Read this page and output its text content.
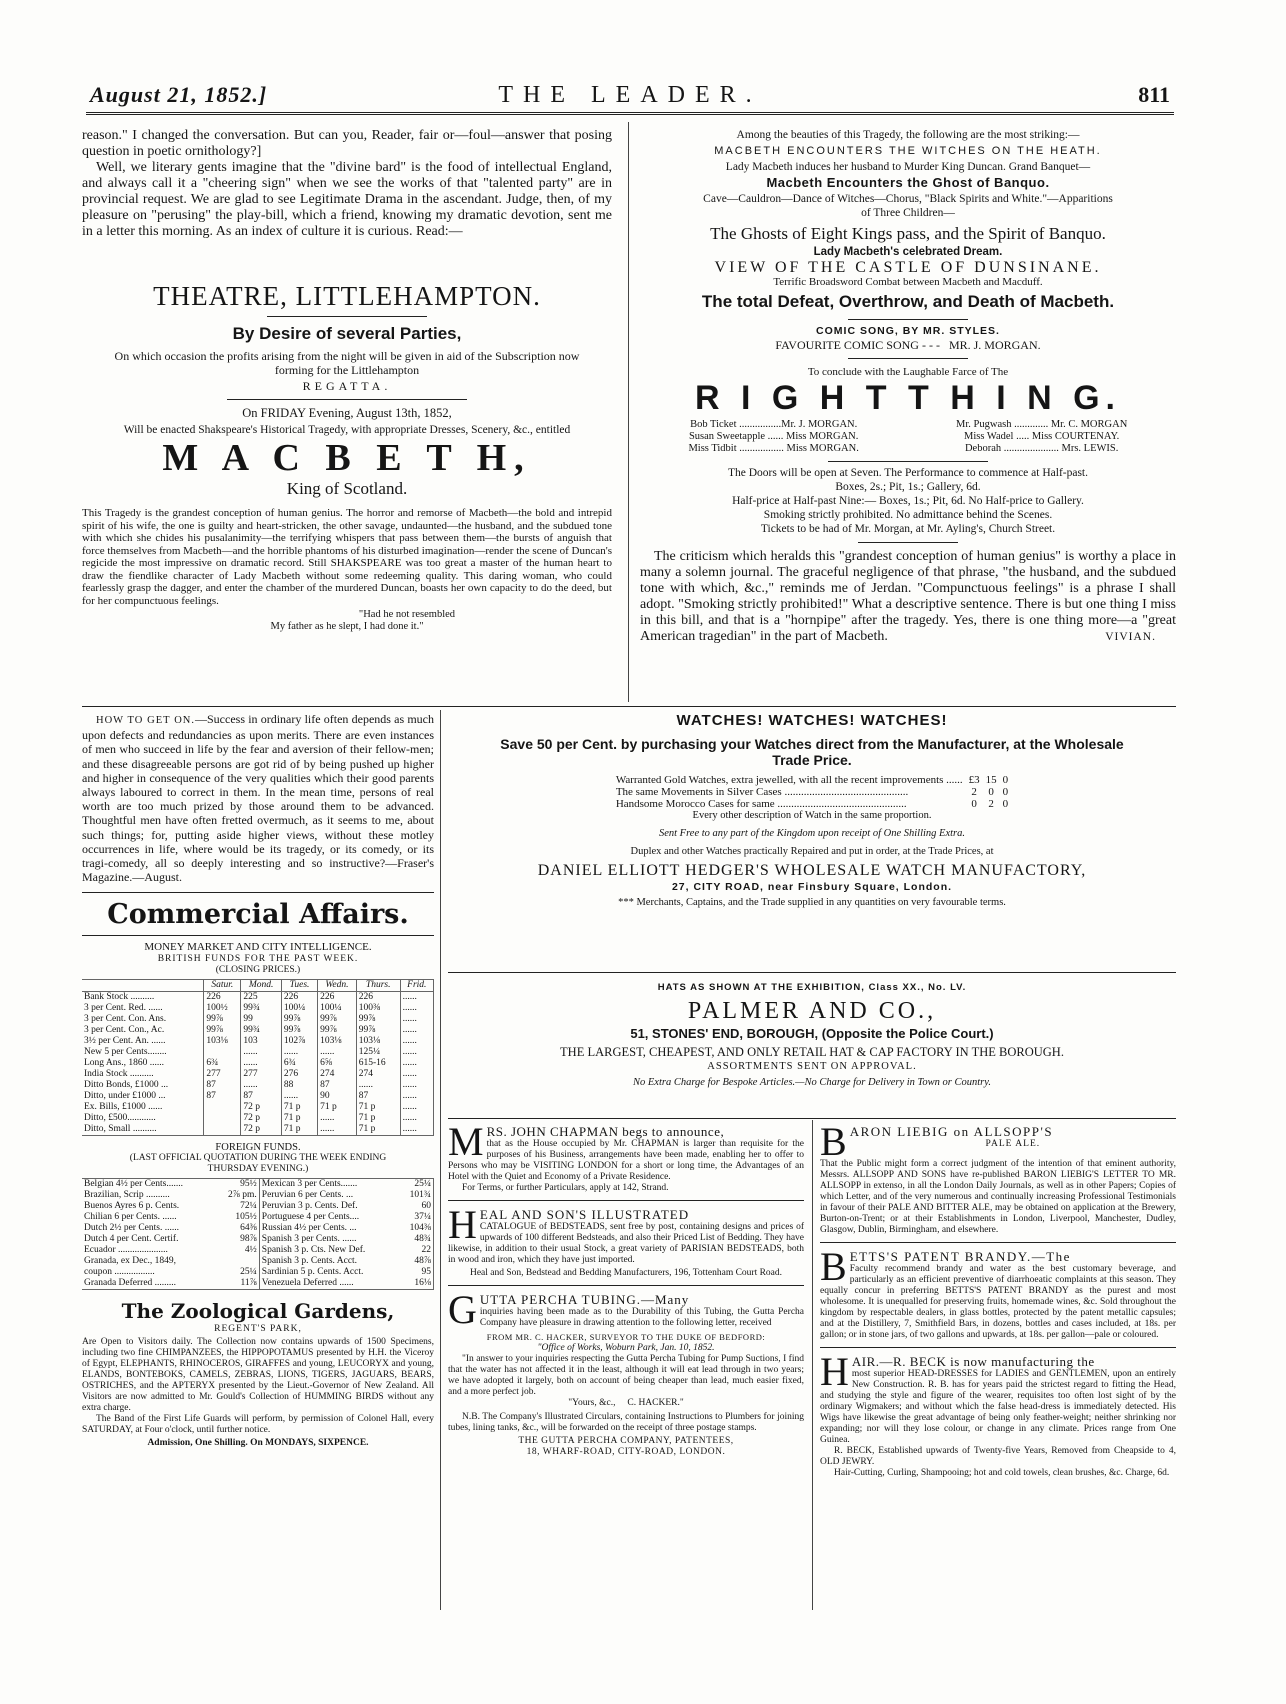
August 21, 1852.]	THE LEADER.	811

reason." I changed the conversation. But can you, Reader, fair or—foul—answer that posing question in poetic ornithology?]

Well, we literary gents imagine that the "divine bard" is the food of intellectual England, and always call it a "cheering sign" when we see the works of that "talented party" are in provincial request. We are glad to see Legitimate Drama in the ascendant. Judge, then, of my pleasure on "perusing" the play-bill, which a friend, knowing my dramatic devotion, sent me in a letter this morning. As an index of culture it is curious. Read:—

THEATRE, LITTLEHAMPTON.
By Desire of several Parties,
On which occasion the profits arising from the night will be given in aid of the Subscription now forming for the Littlehampton
REGATTA.
On FRIDAY Evening, August 13th, 1852,
Will be enacted Shakspeare's Historical Tragedy, with appropriate Dresses, Scenery, &c., entitled
M A C B E T H,
King of Scotland.

This Tragedy is the grandest conception of human genius. The horror and remorse of Macbeth—the bold and intrepid spirit of his wife, the one is guilty and heart-stricken, the other savage, undaunted—the husband, and the subdued tone with which she chides his pusalanimity—the terrifying whispers that pass between them—the bursts of anguish that force themselves from Macbeth—and the horrible phantoms of his disturbed imagination—render the scene of Duncan's regicide the most impressive on dramatic record. Still SHAKSPEARE was too great a master of the human heart to draw the fiendlike character of Lady Macbeth without some redeeming quality. This daring woman, who could fearlessly grasp the dagger, and enter the chamber of the murdered Duncan, boasts her own capacity to do the deed, but for her compunctuous feelings.

"Had he not resembled
My father as he slept, I had done it."
Among the beauties of this Tragedy, the following are the most striking:—
MACBETH ENCOUNTERS THE WITCHES ON THE HEATH.
Lady Macbeth induces her husband to Murder King Duncan. Grand Banquet—
Macbeth Encounters the Ghost of Banquo.
Cave—Cauldron—Dance of Witches—Chorus, "Black Spirits and White."—Apparitions of Three Children—
The Ghosts of Eight Kings pass, and the Spirit of Banquo.
Lady Macbeth's celebrated Dream.
VIEW OF THE CASTLE OF DUNSINANE.
Terrific Broadsword Combat between Macbeth and Macduff.
The total Defeat, Overthrow, and Death of Macbeth.
COMIC SONG, BY MR. STYLES.
FAVOURITE COMIC SONG - - - MR. J. MORGAN.
To conclude with the Laughable Farce of The
R I G H T T H I N G.
Bob Ticket ................Mr. J. MORGAN.	Mr. Pugwash ............. Mr. C. MORGAN
Susan Sweetapple ...... Miss MORGAN.	Miss Wadel ..... Miss COURTENAY.
Miss Tidbit ................. Miss MORGAN.	Deborah ..................... Mrs. LEWIS.
The Doors will be open at Seven. The Performance to commence at Half-past.
Boxes, 2s.; Pit, 1s.; Gallery, 6d.
Half-price at Half-past Nine:— Boxes, 1s.; Pit, 6d. No Half-price to Gallery.
Smoking strictly prohibited. No admittance behind the Scenes.
Tickets to be had of Mr. Morgan, at Mr. Ayling's, Church Street.

The criticism which heralds this "grandest conception of human genius" is worthy a place in many a solemn journal. The graceful negligence of that phrase, "the husband, and the subdued tone with which, &c.," reminds me of Jerdan. "Compunctuous feelings" is a phrase I shall adopt. "Smoking strictly prohibited!" What a descriptive sentence. There is but one thing I miss in this bill, and that is a "hornpipe" after the tragedy. Yes, there is one thing more—a "great American tragedian" in the part of Macbeth.	VIVIAN.

HOW TO GET ON.—Success in ordinary life often depends as much upon defects and redundancies as upon merits. There are even instances of men who succeed in life by the fear and aversion of their fellow-men; and these disagreeable persons are got rid of by being pushed up higher and higher in consequence of the very qualities which their good parents always laboured to correct in them. In the mean time, persons of real worth are too much prized by those around them to be advanced. Thoughtful men have often fretted overmuch, as it seems to me, about such things; for, putting aside higher views, without these motley occurrences in life, where would be its tragedy, or its comedy, or its tragi-comedy, all so deeply interesting and so instructive?—Fraser's Magazine.—August.

Commercial Affairs.
MONEY MARKET AND CITY INTELLIGENCE.
BRITISH FUNDS FOR THE PAST WEEK.
(CLOSING PRICES.)
	Satur.	Mond.	Tues.	Wedn.	Thurs.	Frid.
Bank Stock ..........	226	225	226	226	226	......
3 per Cent. Red. ......	100½	99¾	100¼	100¼	100⅜	......
3 per Cent. Con. Ans.	99⅞	99	99⅞	99⅞	99⅞	......
3 per Cent. Con., Ac.	99⅞	99¾	99⅞	99⅞	99⅞	......
3½ per Cent. An. ......	103⅛	103	102⅞	103⅛	103⅛	......
New 5 per Cents........		......	......	......	125¼	......
Long Ans., 1860 ......	6¾	......	6¾	6⅝	615-16	......
India Stock ..........	277	277	276	274	274	......
Ditto Bonds, £1000 ...	87	......	88	87	......	......
Ditto, under £1000 ...	87	87	......	90	87	......
Ex. Bills, £1000 ......		72 p	71 p	71 p	71 p	......
Ditto, £500............		72 p	71 p	......	71 p	......
Ditto, Small ..........		72 p	71 p	......	71 p	......
FOREIGN FUNDS.
(LAST OFFICIAL QUOTATION DURING THE WEEK ENDING THURSDAY EVENING.)
Belgian 4½ per Cents.......	95½	Mexican 3 per Cents.......	25¼
Brazilian, Scrip ..........	2⅞ pm.	Peruvian 6 per Cents. ...	101¾
Buenos Ayres 6 p. Cents.	72¼	Peruvian 3 p. Cents. Def.	60
Chilian 6 per Cents. ......	105½	Portuguese 4 per Cents....	37¼
Dutch 2½ per Cents. ......	64⅜	Russian 4½ per Cents. ...	104⅜
Dutch 4 per Cent. Certif.	98⅞	Spanish 3 per Cents. ......	48¾
Ecuador .....................	4½	Spanish 3 p. Cts. New Def.	22
Granada, ex Dec., 1849,		Spanish 3 p. Cents. Acct.	48⅞
coupon .................	25¼	Sardinian 5 p. Cents. Acct.	95
Granada Deferred .........	11⅞	Venezuela Deferred ......	16⅛
The Zoological Gardens,
REGENT'S PARK,

Are Open to Visitors daily. The Collection now contains upwards of 1500 Specimens, including two fine CHIMPANZEES, the HIPPOPOTAMUS presented by H.H. the Viceroy of Egypt, ELEPHANTS, RHINOCEROS, GIRAFFES and young, LEUCORYX and young, ELANDS, BONTEBOKS, CAMELS, ZEBRAS, LIONS, TIGERS, JAGUARS, BEARS, OSTRICHES, and the APTERYX presented by the Lieut.-Governor of New Zealand. All Visitors are now admitted to Mr. Gould's Collection of HUMMING BIRDS without any extra charge.

The Band of the First Life Guards will perform, by permission of Colonel Hall, every SATURDAY, at Four o'clock, until further notice.

Admission, One Shilling. On MONDAYS, SIXPENCE.
WATCHES! WATCHES! WATCHES!
Save 50 per Cent. by purchasing your Watches direct from the Manufacturer, at the Wholesale Trade Price.
Warranted Gold Watches, extra jewelled, with all the recent improvements ......	£3	15	0
The same Movements in Silver Cases .............................................	2	0	0
Handsome Morocco Cases for same ...............................................	0	2	0
Every other description of Watch in the same proportion.
Sent Free to any part of the Kingdom upon receipt of One Shilling Extra.
Duplex and other Watches practically Repaired and put in order, at the Trade Prices, at
DANIEL ELLIOTT HEDGER'S WHOLESALE WATCH MANUFACTORY,
27, CITY ROAD, near Finsbury Square, London.
*** Merchants, Captains, and the Trade supplied in any quantities on very favourable terms.
HATS AS SHOWN AT THE EXHIBITION, Class XX., No. LV.
PALMER AND CO.,
51, STONES' END, BOROUGH, (Opposite the Police Court.)
THE LARGEST, CHEAPEST, AND ONLY RETAIL HAT & CAP FACTORY IN THE BOROUGH.
ASSORTMENTS SENT ON APPROVAL.
No Extra Charge for Bespoke Articles.—No Charge for Delivery in Town or Country.
M RS. JOHN CHAPMAN begs to announce,

that as the House occupied by Mr. CHAPMAN is larger than requisite for the purposes of his Business, arrangements have been made, enabling her to offer to Persons who may be VISITING LONDON for a short or long time, the Advantages of an Hotel with the Quiet and Economy of a Private Residence.

For Terms, or further Particulars, apply at 142, Strand.
H EAL AND SON'S ILLUSTRATED

CATALOGUE of BEDSTEADS, sent free by post, containing designs and prices of upwards of 100 different Bedsteads, and also their Priced List of Bedding. They have likewise, in addition to their usual Stock, a great variety of PARISIAN BEDSTEADS, both in wood and iron, which they have just imported.

Heal and Son, Bedstead and Bedding Manufacturers, 196, Tottenham Court Road.
G UTTA PERCHA TUBING.—Many

inquiries having been made as to the Durability of this Tubing, the Gutta Percha Company have pleasure in drawing attention to the following letter, received

FROM MR. C. HACKER, SURVEYOR TO THE DUKE OF BEDFORD:
"Office of Works, Woburn Park, Jan. 10, 1852.

"In answer to your inquiries respecting the Gutta Percha Tubing for Pump Suctions, I find that the water has not affected it in the least, although it will eat lead through in two years; we have adopted it largely, both on account of being cheaper than lead, much easier fixed, and a more perfect job.

"Yours, &c., C. HACKER."

N.B. The Company's Illustrated Circulars, containing Instructions to Plumbers for joining tubes, lining tanks, &c., will be forwarded on the receipt of three postage stamps.

THE GUTTA PERCHA COMPANY, PATENTEES,
18, WHARF-ROAD, CITY-ROAD, LONDON.
B ARON LIEBIG on ALLSOPP'S
PALE ALE.

That the Public might form a correct judgment of the intention of that eminent authority, Messrs. ALLSOPP AND SONS have re-published BARON LIEBIG'S LETTER TO MR. ALLSOPP in extenso, in all the London Daily Journals, as well as in other Papers; Copies of which Letter, and of the very numerous and continually increasing Professional Testimonials in favour of their PALE AND BITTER ALE, may be obtained on application at the Brewery, Burton-on-Trent; or at their Establishments in London, Liverpool, Manchester, Dudley, Glasgow, Dublin, Birmingham, and elsewhere.

B ETTS'S PATENT BRANDY.—The

Faculty recommend brandy and water as the best customary beverage, and particularly as an efficient preventive of diarrhoeatic complaints at this season. They equally concur in preferring BETTS'S PATENT BRANDY as the purest and most wholesome. It is unequalled for preserving fruits, homemade wines, &c. Sold throughout the kingdom by respectable dealers, in glass bottles, protected by the patent metallic capsules; and at the Distillery, 7, Smithfield Bars, in dozens, bottles and cases included, at 18s. per gallon; or in stone jars, of two gallons and upwards, at 18s. per gallon—pale or coloured.

H AIR.—R. BECK is now manufacturing the

most superior HEAD-DRESSES for LADIES and GENTLEMEN, upon an entirely New Construction. R. B. has for years paid the strictest regard to fitting the Head, and studying the style and figure of the wearer, requisites too often lost sight of by the ordinary Wigmakers; and without which the false head-dress is immediately detected. His Wigs have likewise the great advantage of being only feather-weight; neither shrinking nor expanding; nor will they lose colour, or change in any climate. Prices range from One Guinea.

R. BECK, Established upwards of Twenty-five Years, Removed from Cheapside to 4, OLD JEWRY.

Hair-Cutting, Curling, Shampooing; hot and cold towels, clean brushes, &c. Charge, 6d.
